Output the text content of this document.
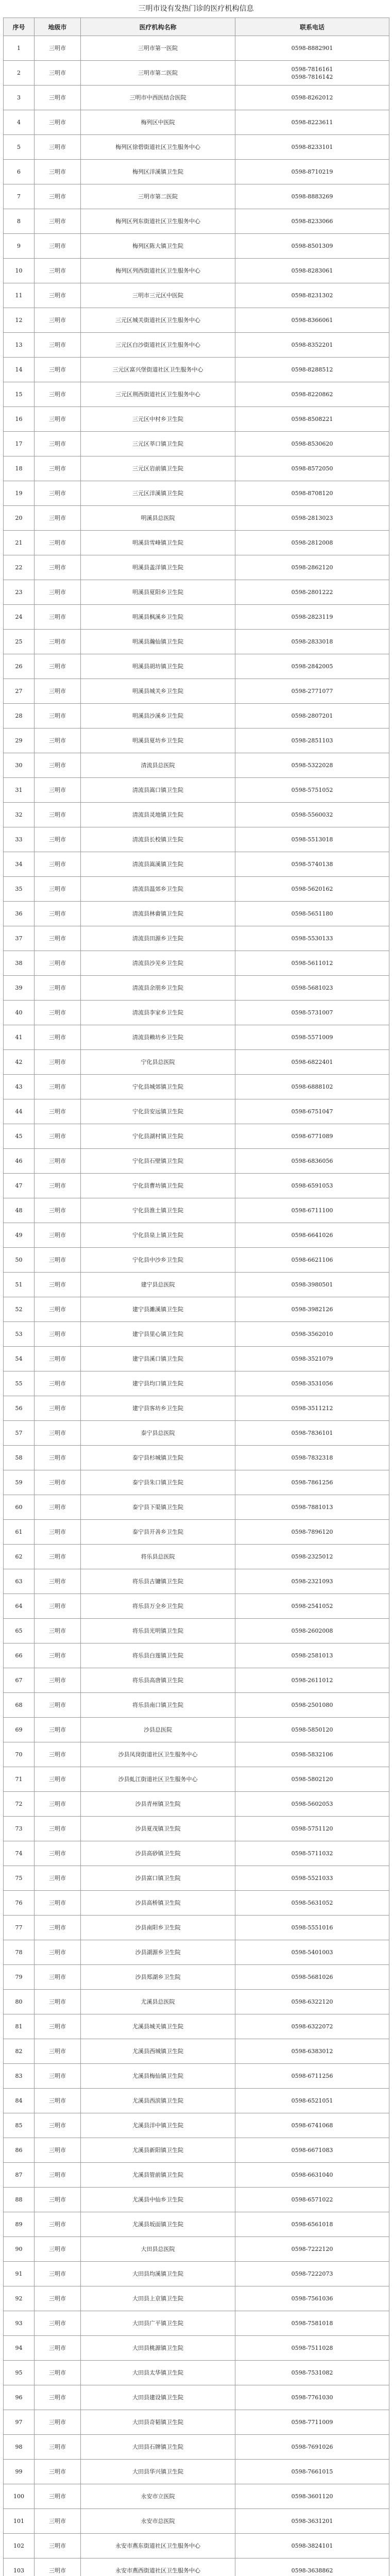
三明市设有发热门诊的医疗机构信息
序号	地级市	医疗机构名称	联系电话
1	三明市	三明市第一医院	0598-8882901
2	三明市	三明市第二医院	0598-7816161
0598-7816142
3	三明市	三明市中西医结合医院	0598-8262012
4	三明市	梅列区中医院	0598-8223611
5	三明市	梅列区徐碧街道社区卫生服务中心	0598-8233101
6	三明市	梅列区洋溪镇卫生院	0598-8710219
7	三明市	三明市第二医院	0598-8883269
8	三明市	梅列区列东街道社区卫生服务中心	0598-8233066
9	三明市	梅列区陈大镇卫生院	0598-8501309
10	三明市	梅列区列西街道社区卫生服务中心	0598-8283061
11	三明市	三明市三元区中医院	0598-8231302
12	三明市	三元区城关街道社区卫生服务中心	0598-8366061
13	三明市	三元区白沙街道社区卫生服务中心	0598-8352201
14	三明市	三元区富兴堡街道社区卫生服务中心	0598-8288512
15	三明市	三元区荆西街道社区卫生服务中心	0598-8220862
16	三明市	三元区中村乡卫生院	0598-8508221
17	三明市	三元区莘口镇卫生院	0598-8530620
18	三明市	三元区岩前镇卫生院	0598-8572050
19	三明市	三元区洋溪镇卫生院	0598-8708120
20	三明市	明溪县总医院	0598-2813023
21	三明市	明溪县雪峰镇卫生院	0598-2812008
22	三明市	明溪县盖洋镇卫生院	0598-2862120
23	三明市	明溪县夏阳乡卫生院	0598-2801222
24	三明市	明溪县枫溪乡卫生院	0598-2823119
25	三明市	明溪县瀚仙镇卫生院	0598-2833018
26	三明市	明溪县胡坊镇卫生院	0598-2842005
27	三明市	明溪县城关乡卫生院	0598-2771077
28	三明市	明溪县沙溪乡卫生院	0598-2807201
29	三明市	明溪县夏坊乡卫生院	0598-2851103
30	三明市	清流县总医院	0598-5322028
31	三明市	清流县嵩口镇卫生院	0598-5751052
32	三明市	清流县灵地镇卫生院	0598-5560032
33	三明市	清流县长校镇卫生院	0598-5513018
34	三明市	清流县嵩溪镇卫生院	0598-5740138
35	三明市	清流县温郊乡卫生院	0598-5620162
36	三明市	清流县林畲镇卫生院	0598-5651180
37	三明市	清流县田源乡卫生院	0598-5530133
38	三明市	清流县沙芜乡卫生院	0598-5611012
39	三明市	清流县余朋乡卫生院	0598-5681023
40	三明市	清流县李家乡卫生院	0598-5731007
41	三明市	清流县赖坊乡卫生院	0598-5571009
42	三明市	宁化县总医院	0598-6822401
43	三明市	宁化县城郊镇卫生院	0598-6888102
44	三明市	宁化县安远镇卫生院	0598-6751047
45	三明市	宁化县湖村镇卫生院	0598-6771089
46	三明市	宁化县石壁镇卫生院	0598-6836056
47	三明市	宁化县曹坊镇卫生院	0598-6591053
48	三明市	宁化县淮土镇卫生院	0598-6711100
49	三明市	宁化县泉上镇卫生院	0598-6641026
50	三明市	宁化县中沙乡卫生院	0598-6621106
51	三明市	建宁县总医院	0598-3980501
52	三明市	建宁县濉溪镇卫生院	0598-3982126
53	三明市	建宁县里心镇卫生院	0598-3562010
54	三明市	建宁县溪口镇卫生院	0598-3521079
55	三明市	建宁县均口镇卫生院	0598-3531056
56	三明市	建宁县客坊乡卫生院	0598-3511212
57	三明市	泰宁县总医院	0598-7836101
58	三明市	泰宁县杉城镇卫生院	0598-7832318
59	三明市	泰宁县朱口镇卫生院	0598-7861256
60	三明市	泰宁县下渠镇卫生院	0598-7881013
61	三明市	泰宁县开善乡卫生院	0598-7896120
62	三明市	将乐县总医院	0598-2325012
63	三明市	将乐县古镛镇卫生院	0598-2321093
64	三明市	将乐县万全乡卫生院	0598-2541052
65	三明市	将乐县光明镇卫生院	0598-2602008
66	三明市	将乐县白莲镇卫生院	0598-2581013
67	三明市	将乐县高唐镇卫生院	0598-2611012
68	三明市	将乐县南口镇卫生院	0598-2501080
69	三明市	沙县总医院	0598-5850120
70	三明市	沙县凤岗街道社区卫生服务中心	0598-5832106
71	三明市	沙县虬江街道社区卫生服务中心	0598-5802120
72	三明市	沙县青州镇卫生院	0598-5602053
73	三明市	沙县夏茂镇卫生院	0598-5751120
74	三明市	沙县高砂镇卫生院	0598-5711032
75	三明市	沙县富口镇卫生院	0598-5521033
76	三明市	沙县高桥镇卫生院	0598-5631052
77	三明市	沙县南阳乡卫生院	0598-5551016
78	三明市	沙县湖源乡卫生院	0598-5401003
79	三明市	沙县郑湖乡卫生院	0598-5681026
80	三明市	尤溪县总医院	0598-6322120
81	三明市	尤溪县城关镇卫生院	0598-6322072
82	三明市	尤溪县西城镇卫生院	0598-6383012
83	三明市	尤溪县梅仙镇卫生院	0598-6711256
84	三明市	尤溪县西滨镇卫生院	0598-6521051
85	三明市	尤溪县洋中镇卫生院	0598-6741068
86	三明市	尤溪县新阳镇卫生院	0598-6671083
87	三明市	尤溪县管前镇卫生院	0598-6631040
88	三明市	尤溪县中仙乡卫生院	0598-6571022
89	三明市	尤溪县坂面镇卫生院	0598-6561018
90	三明市	大田县总医院	0598-7222120
91	三明市	大田县均溪镇卫生院	0598-7222073
92	三明市	大田县上京镇卫生院	0598-7561036
93	三明市	大田县广平镇卫生院	0598-7581018
94	三明市	大田县桃源镇卫生院	0598-7511028
95	三明市	大田县太华镇卫生院	0598-7531082
96	三明市	大田县建设镇卫生院	0598-7761030
97	三明市	大田县奇韬镇卫生院	0598-7711009
98	三明市	大田县石牌镇卫生院	0598-7691026
99	三明市	大田县华兴镇卫生院	0598-7661015
100	三明市	永安市立医院	0598-3601120
101	三明市	永安市总医院	0598-3631201
102	三明市	永安市燕东街道社区卫生服务中心	0598-3824101
103	三明市	永安市燕西街道社区卫生服务中心	0598-3638862
